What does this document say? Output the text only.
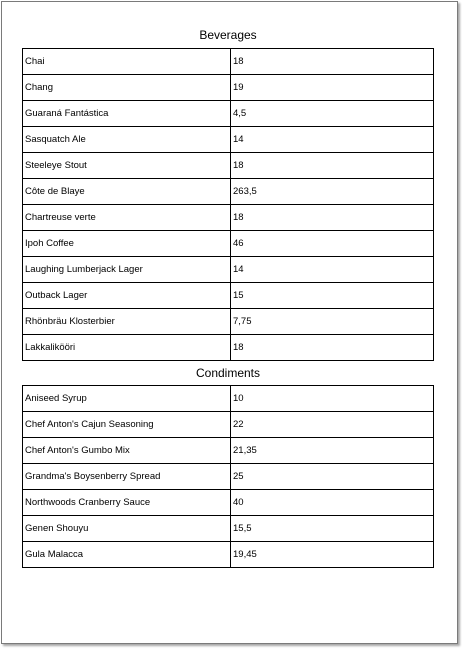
Beverages
Chai	18
Chang	19
Guaraná Fantástica	4,5
Sasquatch Ale	14
Steeleye Stout	18
Côte de Blaye	263,5
Chartreuse verte	18
Ipoh Coffee	46
Laughing Lumberjack Lager	14
Outback Lager	15
Rhönbräu Klosterbier	7,75
Lakkalikööri	18
Condiments
Aniseed Syrup	10
Chef Anton's Cajun Seasoning	22
Chef Anton's Gumbo Mix	21,35
Grandma's Boysenberry Spread	25
Northwoods Cranberry Sauce	40
Genen Shouyu	15,5
Gula Malacca	19,45
